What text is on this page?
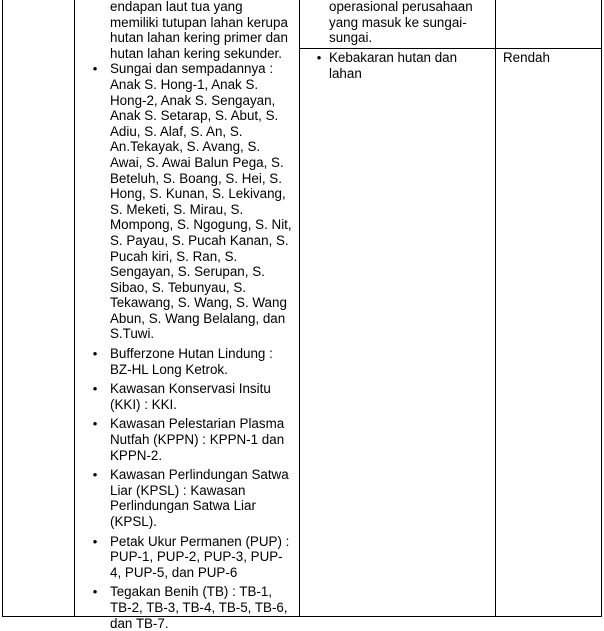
endapan laut tua yang
memiliki tutupan lahan kerupa
hutan lahan kering primer dan
hutan lahan kering sekunder.
• Sungai dan sempadannya :
Anak S. Hong-1, Anak S.
Hong-2, Anak S. Sengayan,
Anak S. Setarap, S. Abut, S.
Adiu, S. Alaf, S. An, S.
An.Tekayak, S. Avang, S.
Awai, S. Awai Balun Pega, S.
Beteluh, S. Boang, S. Hei, S.
Hong, S. Kunan, S. Lekivang,
S. Meketi, S. Mirau, S.
Mompong, S. Ngogung, S. Nit,
S. Payau, S. Pucah Kanan, S.
Pucah kiri, S. Ran, S.
Sengayan, S. Serupan, S.
Sibao, S. Tebunyau, S.
Tekawang, S. Wang, S. Wang
Abun, S. Wang Belalang, dan
S.Tuwi.
• Bufferzone Hutan Lindung :
BZ-HL Long Ketrok.
• Kawasan Konservasi Insitu
(KKI) : KKI.
• Kawasan Pelestarian Plasma
Nutfah (KPPN) : KPPN-1 dan
KPPN-2.
• Kawasan Perlindungan Satwa
Liar (KPSL) : Kawasan
Perlindungan Satwa Liar
(KPSL).
• Petak Ukur Permanen (PUP) :
PUP-1, PUP-2, PUP-3, PUP-
4, PUP-5, dan PUP-6
• Tegakan Benih (TB) : TB-1,
TB-2, TB-3, TB-4, TB-5, TB-6,
dan TB-7.
operasional perusahaan
yang masuk ke sungai-
sungai.
• Kebakaran hutan dan
lahan
Rendah
